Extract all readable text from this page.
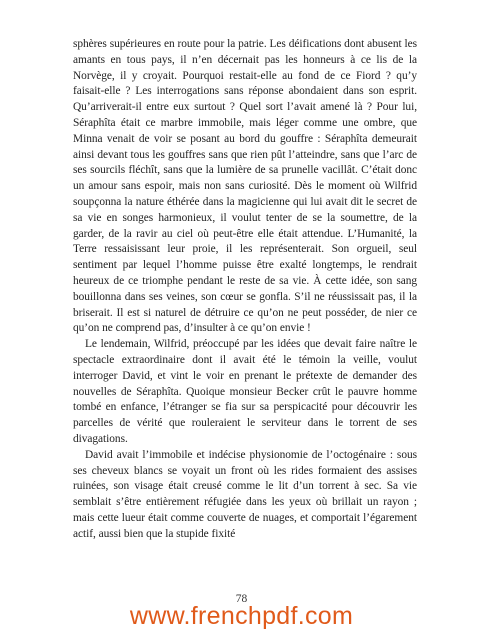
sphères supérieures en route pour la patrie. Les déifications dont abusent les amants en tous pays, il n’en décernait pas les honneurs à ce lis de la Norvège, il y croyait. Pourquoi restait-elle au fond de ce Fiord ? qu’y faisait-elle ? Les interrogations sans réponse abondaient dans son esprit. Qu’arriverait-il entre eux surtout ? Quel sort l’avait amené là ? Pour lui, Séraphîta était ce marbre immobile, mais léger comme une ombre, que Minna venait de voir se posant au bord du gouffre : Séraphîta demeurait ainsi devant tous les gouffres sans que rien pût l’atteindre, sans que l’arc de ses sourcils fléchît, sans que la lumière de sa prunelle vacillât. C’était donc un amour sans espoir, mais non sans curiosité. Dès le moment où Wilfrid soupçonna la nature éthérée dans la magicienne qui lui avait dit le secret de sa vie en songes harmonieux, il voulut tenter de se la soumettre, de la garder, de la ravir au ciel où peut-être elle était attendue. L’Humanité, la Terre ressaisissant leur proie, il les représenterait. Son orgueil, seul sentiment par lequel l’homme puisse être exalté longtemps, le rendrait heureux de ce triomphe pendant le reste de sa vie. À cette idée, son sang bouillonna dans ses veines, son cœur se gonfla. S’il ne réussissait pas, il la briserait. Il est si naturel de détruire ce qu’on ne peut posséder, de nier ce qu’on ne comprend pas, d’insulter à ce qu’on envie !

Le lendemain, Wilfrid, préoccupé par les idées que devait faire naître le spectacle extraordinaire dont il avait été le témoin la veille, voulut interroger David, et vint le voir en prenant le prétexte de demander des nouvelles de Séraphîta. Quoique monsieur Becker crût le pauvre homme tombé en enfance, l’étranger se fia sur sa perspicacité pour découvrir les parcelles de vérité que rouleraient le serviteur dans le torrent de ses divagations.

David avait l’immobile et indécise physionomie de l’octogénaire : sous ses cheveux blancs se voyait un front où les rides formaient des assises ruinées, son visage était creusé comme le lit d’un torrent à sec. Sa vie semblait s’être entièrement réfugiée dans les yeux où brillait un rayon ; mais cette lueur était comme couverte de nuages, et comportait l’égarement actif, aussi bien que la stupide fixité

78
www.frenchpdf.com
